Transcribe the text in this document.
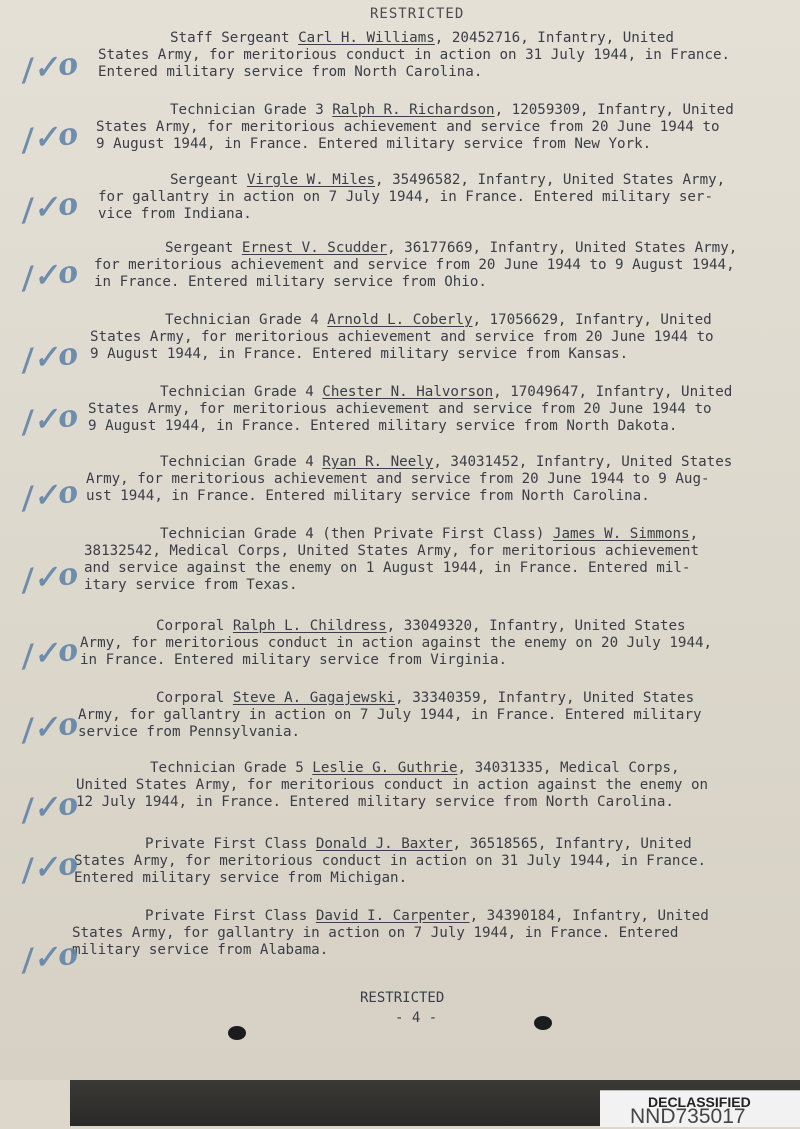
RESTRICTED
Staff Sergeant Carl H. Williams, 20452716, Infantry, United
States Army, for meritorious conduct in action on 31 July 1944, in France.
Entered military service from North Carolina.
/✓o
Technician Grade 3 Ralph R. Richardson, 12059309, Infantry, United
States Army, for meritorious achievement and service from 20 June 1944 to
9 August 1944, in France. Entered military service from New York.
/✓o
Sergeant Virgle W. Miles, 35496582, Infantry, United States Army,
for gallantry in action on 7 July 1944, in France. Entered military ser-
vice from Indiana.
/✓o
Sergeant Ernest V. Scudder, 36177669, Infantry, United States Army,
for meritorious achievement and service from 20 June 1944 to 9 August 1944,
in France. Entered military service from Ohio.
/✓o
Technician Grade 4 Arnold L. Coberly, 17056629, Infantry, United
States Army, for meritorious achievement and service from 20 June 1944 to
9 August 1944, in France. Entered military service from Kansas.
/✓o
Technician Grade 4 Chester N. Halvorson, 17049647, Infantry, United
States Army, for meritorious achievement and service from 20 June 1944 to
9 August 1944, in France. Entered military service from North Dakota.
/✓o
Technician Grade 4 Ryan R. Neely, 34031452, Infantry, United States
Army, for meritorious achievement and service from 20 June 1944 to 9 Aug-
ust 1944, in France. Entered military service from North Carolina.
/✓o
Technician Grade 4 (then Private First Class) James W. Simmons,
38132542, Medical Corps, United States Army, for meritorious achievement
and service against the enemy on 1 August 1944, in France. Entered mil-
itary service from Texas.
/✓o
Corporal Ralph L. Childress, 33049320, Infantry, United States
Army, for meritorious conduct in action against the enemy on 20 July 1944,
in France. Entered military service from Virginia.
/✓o
Corporal Steve A. Gagajewski, 33340359, Infantry, United States
Army, for gallantry in action on 7 July 1944, in France. Entered military
service from Pennsylvania.
/✓o
Technician Grade 5 Leslie G. Guthrie, 34031335, Medical Corps,
United States Army, for meritorious conduct in action against the enemy on
12 July 1944, in France. Entered military service from North Carolina.
/✓o
Private First Class Donald J. Baxter, 36518565, Infantry, United
States Army, for meritorious conduct in action on 31 July 1944, in France.
Entered military service from Michigan.
/✓o
Private First Class David I. Carpenter, 34390184, Infantry, United
States Army, for gallantry in action on 7 July 1944, in France. Entered
military service from Alabama.
/✓o
RESTRICTED
- 4 -
DECLASSIFIED
NND735017
